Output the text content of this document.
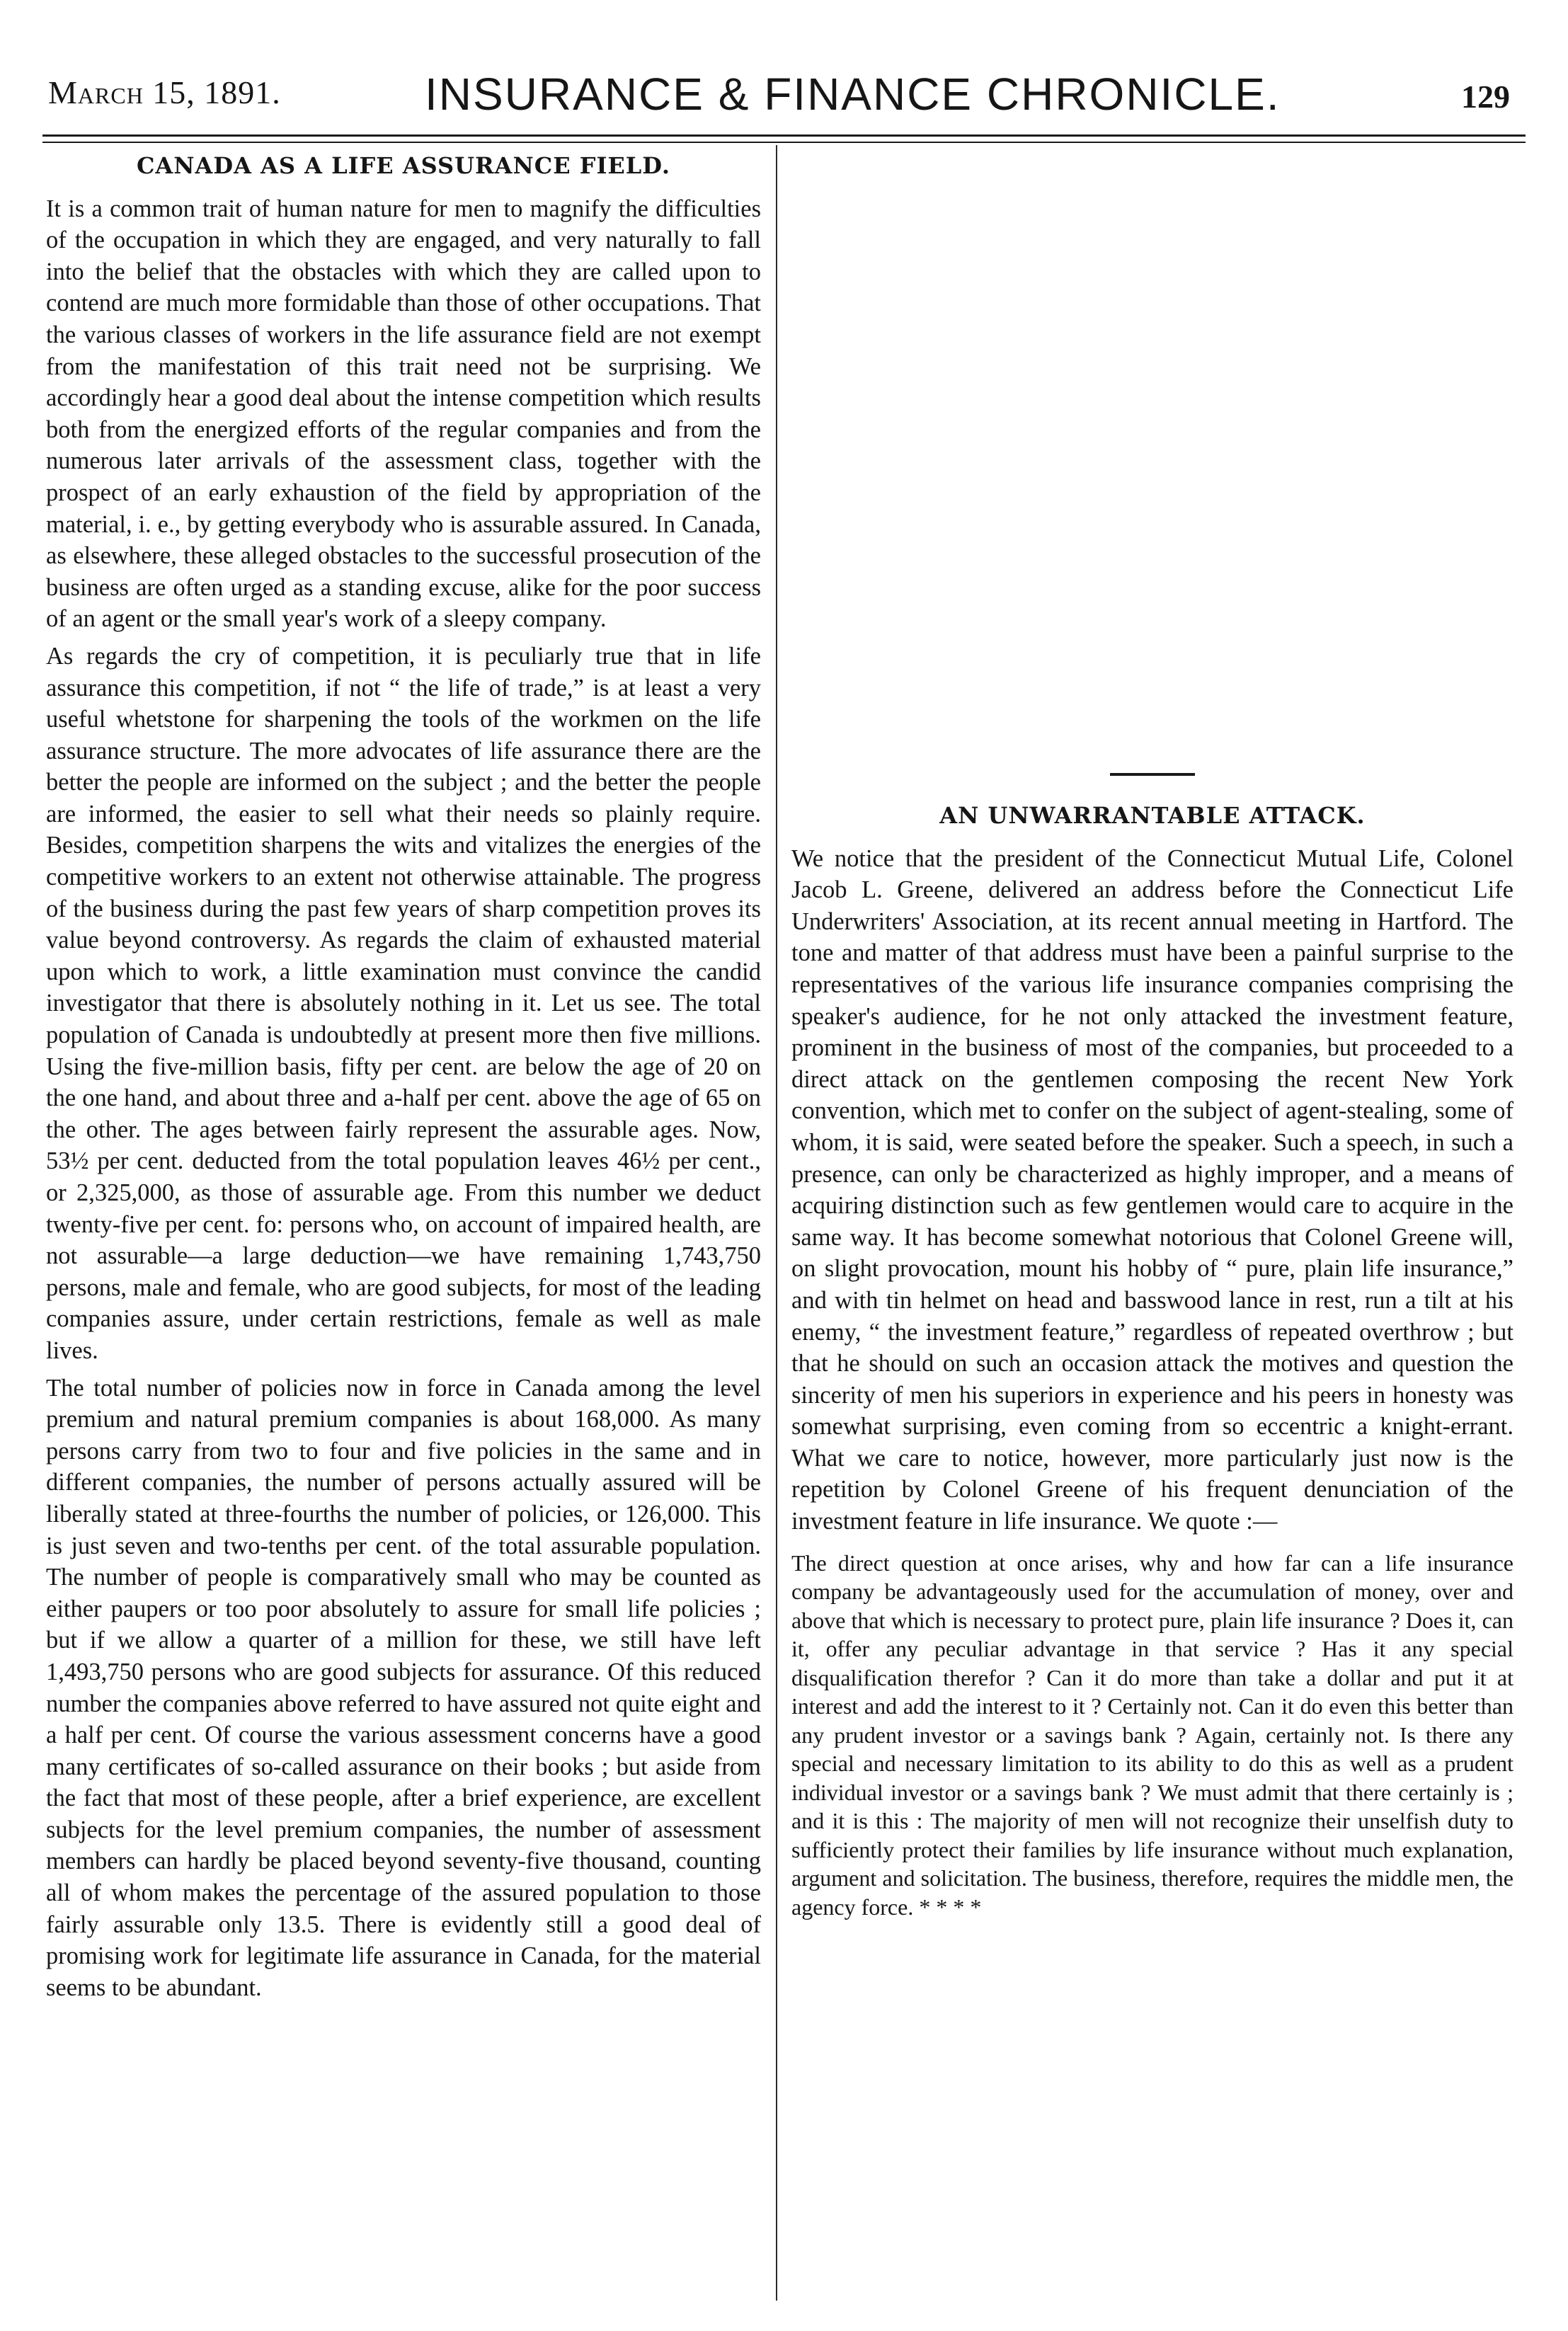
March 15, 1891.	INSURANCE & FINANCE CHRONICLE.	129
CANADA AS A LIFE ASSURANCE FIELD.

It is a common trait of human nature for men to magnify the difficulties of the occupation in which they are engaged, and very naturally to fall into the belief that the obstacles with which they are called upon to contend are much more formidable than those of other occupations. That the various classes of workers in the life assurance field are not exempt from the manifestation of this trait need not be surprising. We accordingly hear a good deal about the intense competition which results both from the energized efforts of the regular companies and from the numerous later arrivals of the assessment class, together with the prospect of an early exhaustion of the field by appropriation of the material, i. e., by getting everybody who is assurable assured. In Canada, as elsewhere, these alleged obstacles to the successful prosecution of the business are often urged as a standing excuse, alike for the poor success of an agent or the small year's work of a sleepy company.

As regards the cry of competition, it is peculiarly true that in life assurance this competition, if not “ the life of trade,” is at least a very useful whetstone for sharpening the tools of the workmen on the life assurance structure. The more advocates of life assurance there are the better the people are informed on the subject ; and the better the people are informed, the easier to sell what their needs so plainly require. Besides, competition sharpens the wits and vitalizes the energies of the competitive workers to an extent not otherwise attainable. The progress of the business during the past few years of sharp competition proves its value beyond controversy. As regards the claim of exhausted material upon which to work, a little examination must convince the candid investigator that there is absolutely nothing in it. Let us see. The total population of Canada is undoubtedly at present more then five millions. Using the five-million basis, fifty per cent. are below the age of 20 on the one hand, and about three and a-half per cent. above the age of 65 on the other. The ages between fairly represent the assurable ages. Now, 53½ per cent. deducted from the total population leaves 46½ per cent., or 2,325,000, as those of assurable age. From this number we deduct twenty-five per cent. fo: persons who, on account of impaired health, are not assurable—a large deduction—we have remaining 1,743,750 persons, male and female, who are good subjects, for most of the leading companies assure, under certain restrictions, female as well as male lives.

The total number of policies now in force in Canada among the level premium and natural premium companies is about 168,000. As many persons carry from two to four and five policies in the same and in different companies, the number of persons actually assured will be liberally stated at three-fourths the number of policies, or 126,000. This is just seven and two-tenths per cent. of the total assurable population. The number of people is comparatively small who may be counted as either paupers or too poor absolutely to assure for small life policies ; but if we allow a quarter of a million for these, we still have left 1,493,750 persons who are good subjects for assurance. Of this reduced number the companies above referred to have assured not quite eight and a half per cent. Of course the various assessment concerns have a good many certificates of so-called assurance on their books ; but aside from the fact that most of these people, after a brief experience, are excellent subjects for the level premium companies, the number of assessment members can hardly be placed beyond seventy-five thousand, counting all of whom makes the percentage of the assured population to those fairly assurable only 13.5. There is evidently still a good deal of promising work for legitimate life assurance in Canada, for the material seems to be abundant.

AN UNWARRANTABLE ATTACK.

We notice that the president of the Connecticut Mutual Life, Colonel Jacob L. Greene, delivered an address before the Connecticut Life Underwriters' Association, at its recent annual meeting in Hartford. The tone and matter of that address must have been a painful surprise to the representatives of the various life insurance companies comprising the speaker's audience, for he not only attacked the investment feature, prominent in the business of most of the companies, but proceeded to a direct attack on the gentlemen composing the recent New York convention, which met to confer on the subject of agent-stealing, some of whom, it is said, were seated before the speaker. Such a speech, in such a presence, can only be characterized as highly improper, and a means of acquiring distinction such as few gentlemen would care to acquire in the same way. It has become somewhat notorious that Colonel Greene will, on slight provocation, mount his hobby of “ pure, plain life insurance,” and with tin helmet on head and basswood lance in rest, run a tilt at his enemy, “ the investment feature,” regardless of repeated overthrow ; but that he should on such an occasion attack the motives and question the sincerity of men his superiors in experience and his peers in honesty was somewhat surprising, even coming from so eccentric a knight-errant. What we care to notice, however, more particularly just now is the repetition by Colonel Greene of his frequent denunciation of the investment feature in life insurance. We quote :—

The direct question at once arises, why and how far can a life insurance company be advantageously used for the accumulation of money, over and above that which is necessary to protect pure, plain life insurance ? Does it, can it, offer any peculiar advantage in that service ? Has it any special disqualification therefor ? Can it do more than take a dollar and put it at interest and add the interest to it ? Certainly not. Can it do even this better than any prudent investor or a savings bank ? Again, certainly not. Is there any special and necessary limitation to its ability to do this as well as a prudent individual investor or a savings bank ? We must admit that there certainly is ; and it is this : The majority of men will not recognize their unselfish duty to sufficiently protect their families by life insurance without much explanation, argument and solicitation. The business, therefore, requires the middle men, the agency force. * * * *
